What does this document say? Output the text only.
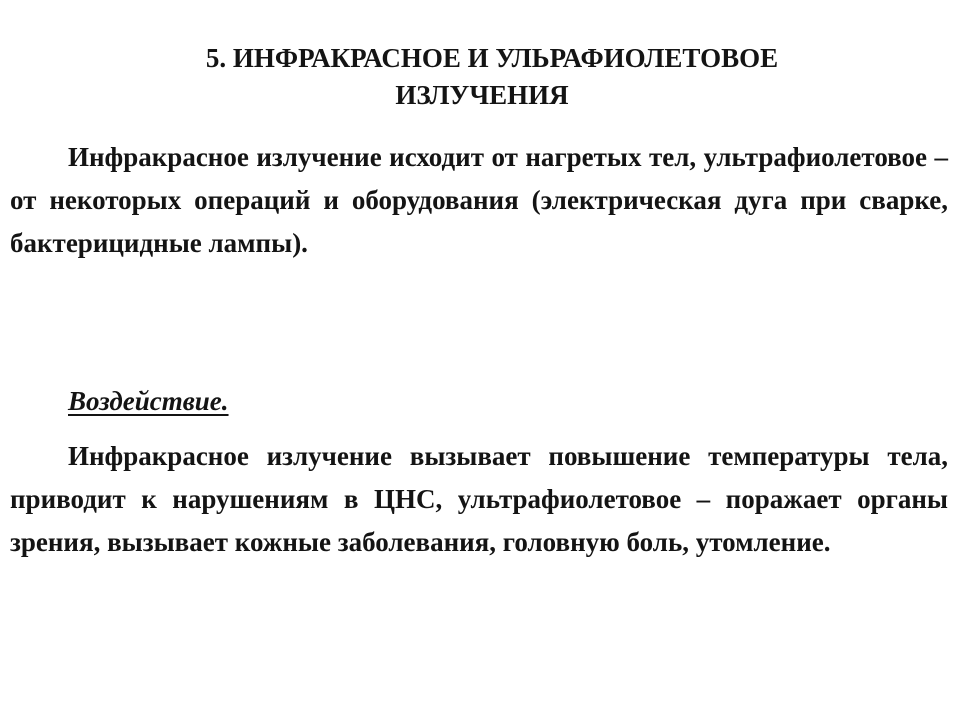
5. ИНФРАКРАСНОЕ И УЛЬРАФИОЛЕТОВОЕ
ИЗЛУЧЕНИЯ

Инфракрасное излучение исходит от нагретых тел, ультрафиолетовое – от некоторых операций и оборудования (электрическая дуга при сварке, бактерицидные лампы).

Воздействие.

Инфракрасное излучение вызывает повышение температуры тела, приводит к нарушениям в ЦНС, ультрафиолетовое – поражает органы зрения, вызывает кожные заболевания, головную боль, утомление.
